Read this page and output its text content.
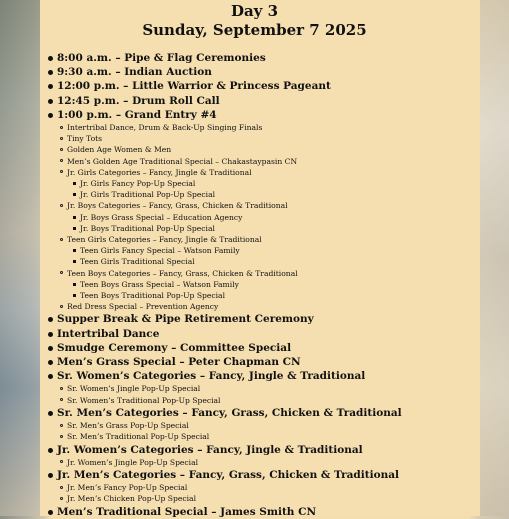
Day 3
Sunday, September 7 2025
8:00 a.m. – Pipe & Flag Ceremonies
9:30 a.m. – Indian Auction
12:00 p.m. – Little Warrior & Princess Pageant
12:45 p.m. – Drum Roll Call
1:00 p.m. – Grand Entry #4
Intertribal Dance, Drum & Back-Up Singing Finals
Tiny Tots
Golden Age Women & Men
Men’s Golden Age Traditional Special – Chakastaypasin CN
Jr. Girls Categories – Fancy, Jingle & Traditional
Jr. Girls Fancy Pop-Up Special
Jr. Girls Traditional Pop-Up Special
Jr. Boys Categories – Fancy, Grass, Chicken & Traditional
Jr. Boys Grass Special – Education Agency
Jr. Boys Traditional Pop-Up Special
Teen Girls Categories – Fancy, Jingle & Traditional
Teen Girls Fancy Special – Watson Family
Teen Girls Traditional Special
Teen Boys Categories – Fancy, Grass, Chicken & Traditional
Teen Boys Grass Special – Watson Family
Teen Boys Traditional Pop-Up Special
Red Dress Special – Prevention Agency
Supper Break & Pipe Retirement Ceremony
Intertribal Dance
Smudge Ceremony – Committee Special
Men’s Grass Special – Peter Chapman CN
Sr. Women’s Categories – Fancy, Jingle & Traditional
Sr. Women’s Jingle Pop-Up Special
Sr. Women’s Traditional Pop-Up Special
Sr. Men’s Categories – Fancy, Grass, Chicken & Traditional
Sr. Men’s Grass Pop-Up Special
Sr. Men’s Traditional Pop-Up Special
Jr. Women’s Categories – Fancy, Jingle & Traditional
Jr. Women’s Jingle Pop-Up Special
Jr. Men’s Categories – Fancy, Grass, Chicken & Traditional
Jr. Men’s Fancy Pop-Up Special
Jr. Men’s Chicken Pop-Up Special
Men’s Traditional Special – James Smith CN
